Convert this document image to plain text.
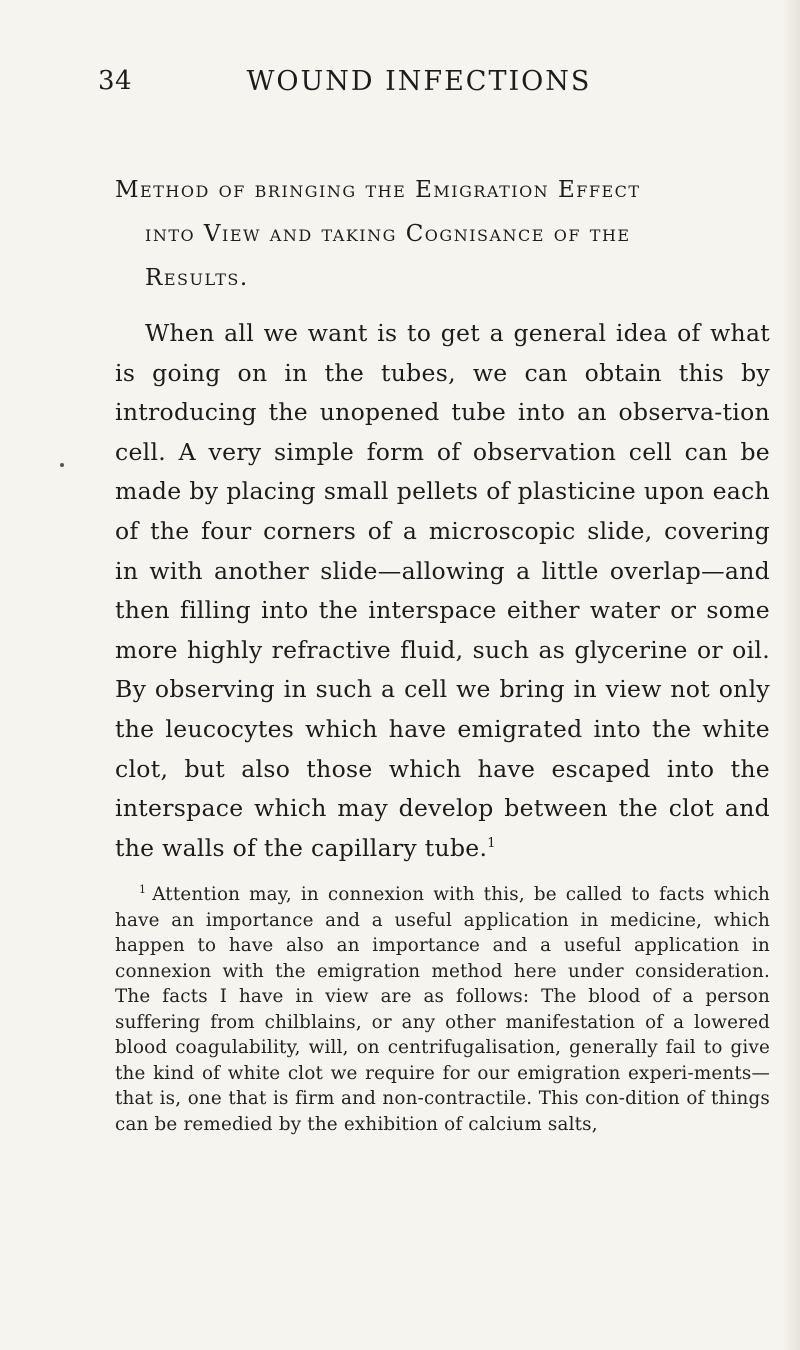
34	WOUND INFECTIONS
Method of bringing the Emigration Effect
into View and taking Cognisance of the
Results.

When all we want is to get a general idea of what is going on in the tubes, we can obtain this by introducing the unopened tube into an observa-tion cell. A very simple form of observation cell can be made by placing small pellets of plasticine upon each of the four corners of a microscopic slide, covering in with another slide—allowing a little overlap—and then filling into the interspace either water or some more highly refractive fluid, such as glycerine or oil. By observing in such a cell we bring in view not only the leucocytes which have emigrated into the white clot, but also those which have escaped into the interspace which may develop between the clot and the walls of the capillary tube.$^1$

$^1$ Attention may, in connexion with this, be called to facts which have an importance and a useful application in medicine, which happen to have also an importance and a useful application in connexion with the emigration method here under consideration. The facts I have in view are as follows: The blood of a person suffering from chilblains, or any other manifestation of a lowered blood coagulability, will, on centrifugalisation, generally fail to give the kind of white clot we require for our emigration experi-ments—that is, one that is firm and non-contractile. This con-dition of things can be remedied by the exhibition of calcium salts,
